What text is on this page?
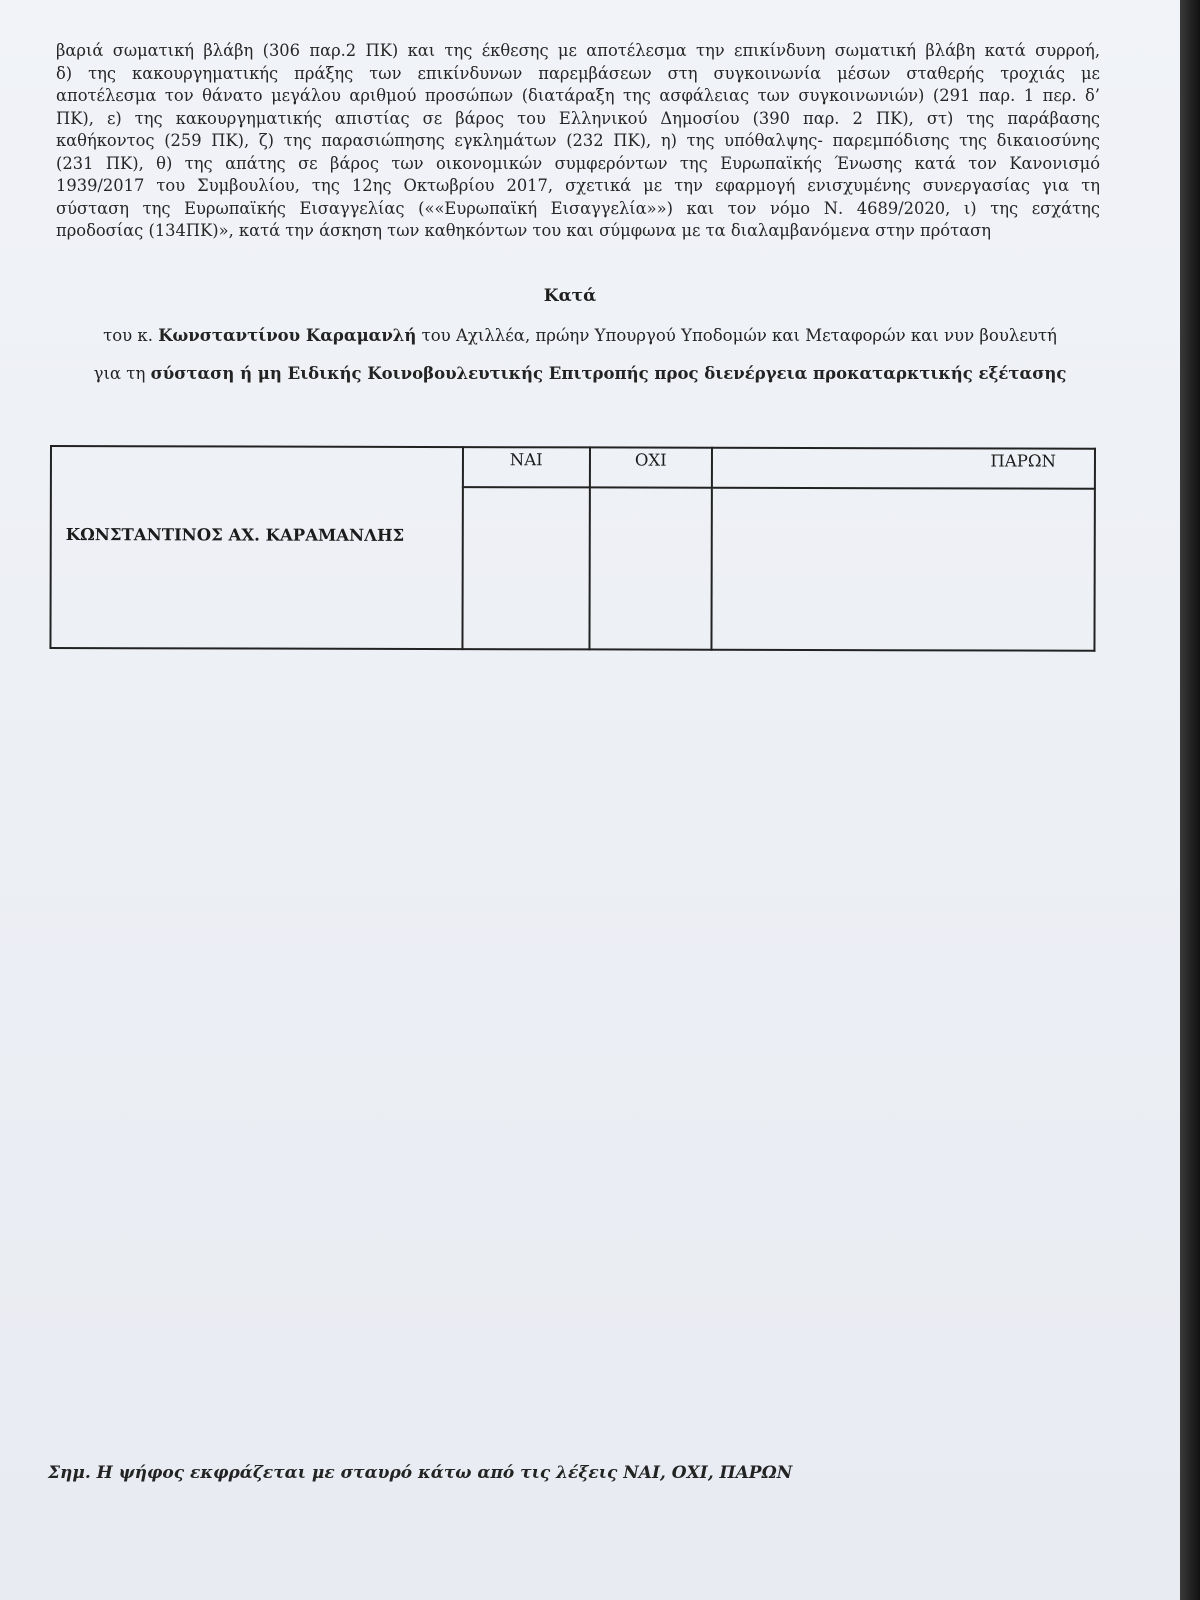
βαριά σωματική βλάβη (306 παρ.2 ΠΚ) και της έκθεσης με αποτέλεσμα την επικίνδυνη σωματική βλάβη κατά συρροή,
δ) της κακουργηματικής πράξης των επικίνδυνων παρεμβάσεων στη συγκοινωνία μέσων σταθερής τροχιάς με
αποτέλεσμα τον θάνατο μεγάλου αριθμού προσώπων (διατάραξη της ασφάλειας των συγκοινωνιών) (291 παρ. 1 περ. δ’
ΠΚ), ε) της κακουργηματικής απιστίας σε βάρος του Ελληνικού Δημοσίου (390 παρ. 2 ΠΚ), στ) της παράβασης
καθήκοντος (259 ΠΚ), ζ) της παρασιώπησης εγκλημάτων (232 ΠΚ), η) της υπόθαλψης- παρεμπόδισης της δικαιοσύνης
(231 ΠΚ), θ) της απάτης σε βάρος των οικονομικών συμφερόντων της Ευρωπαϊκής Ένωσης κατά τον Κανονισμό
1939/2017 του Συμβουλίου, της 12ης Οκτωβρίου 2017, σχετικά με την εφαρμογή ενισχυμένης συνεργασίας για τη
σύσταση της Ευρωπαϊκής Εισαγγελίας (««Ευρωπαϊκή Εισαγγελία»») και τον νόμο Ν. 4689/2020, ι) της εσχάτης
προδοσίας (134ΠΚ)», κατά την άσκηση των καθηκόντων του και σύμφωνα με τα διαλαμβανόμενα στην πρόταση

Κατά
του κ. Κωνσταντίνου Καραμανλή του Αχιλλέα, πρώην Υπουργού Υποδομών και Μεταφορών και νυν βουλευτή
για τη σύσταση ή μη Ειδικής Κοινοβουλευτικής Επιτροπής προς διενέργεια προκαταρκτικής εξέτασης
ΚΩΝΣΤΑΝΤΙΝΟΣ ΑΧ. ΚΑΡΑΜΑΝΛΗΣ	ΝΑΙ	ΟΧΙ	ΠΑΡΩΝ

Σημ. Η ψήφος εκφράζεται με σταυρό κάτω από τις λέξεις ΝΑΙ, ΟΧΙ, ΠΑΡΩΝ
